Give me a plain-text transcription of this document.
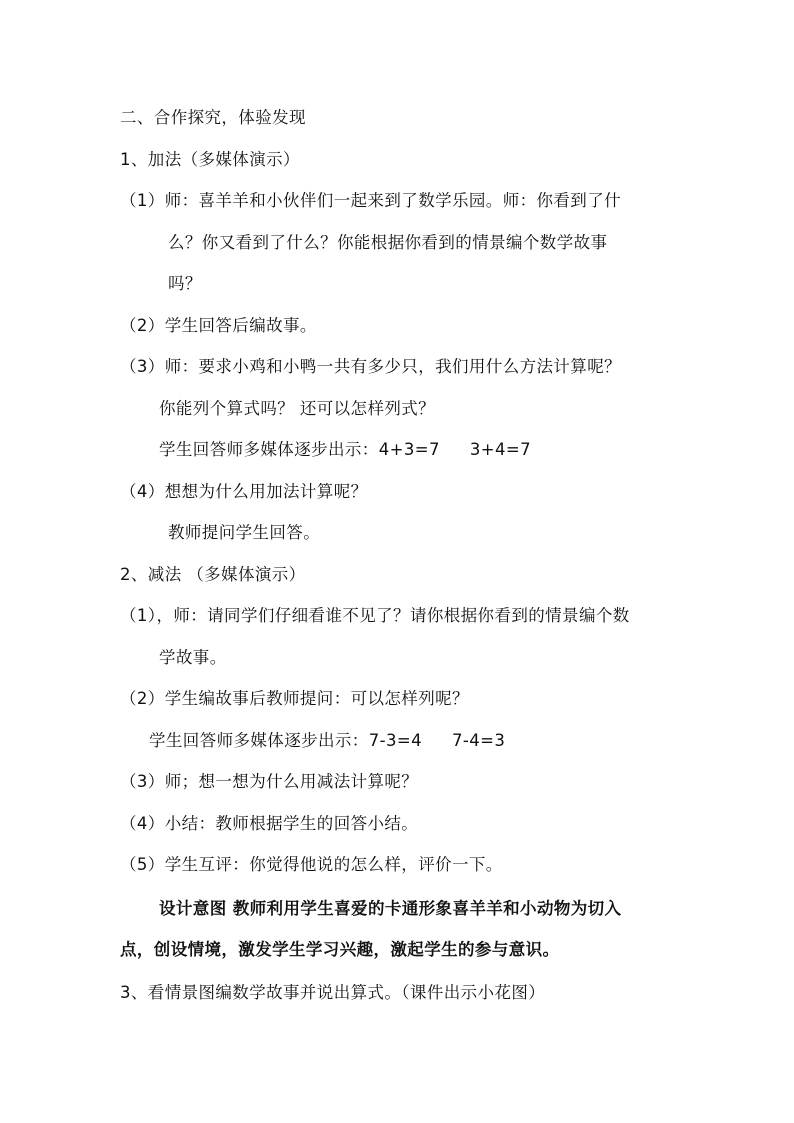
二、合作探究，体验发现
1、加法（多媒体演示）
（1）师：喜羊羊和小伙伴们一起来到了数学乐园。师：你看到了什
么？你又看到了什么？你能根据你看到的情景编个数学故事
吗？
（2）学生回答后编故事。
（3）师：要求小鸡和小鸭一共有多少只，我们用什么方法计算呢？
你能列个算式吗？ 还可以怎样列式？
学生回答师多媒体逐步出示：4+3=7 3+4=7
（4）想想为什么用加法计算呢？
教师提问学生回答。
2、减法 （多媒体演示）
（1），师：请同学们仔细看谁不见了？请你根据你看到的情景编个数
学故事。
（2）学生编故事后教师提问：可以怎样列呢？
学生回答师多媒体逐步出示：7-3=4 7-4=3
（3）师；想一想为什么用减法计算呢？
（4）小结：教师根据学生的回答小结。
（5）学生互评：你觉得他说的怎么样，评价一下。
设计意图 教师利用学生喜爱的卡通形象喜羊羊和小动物为切入
点，创设情境，激发学生学习兴趣，激起学生的参与意识。
3、看情景图编数学故事并说出算式。（课件出示小花图）
